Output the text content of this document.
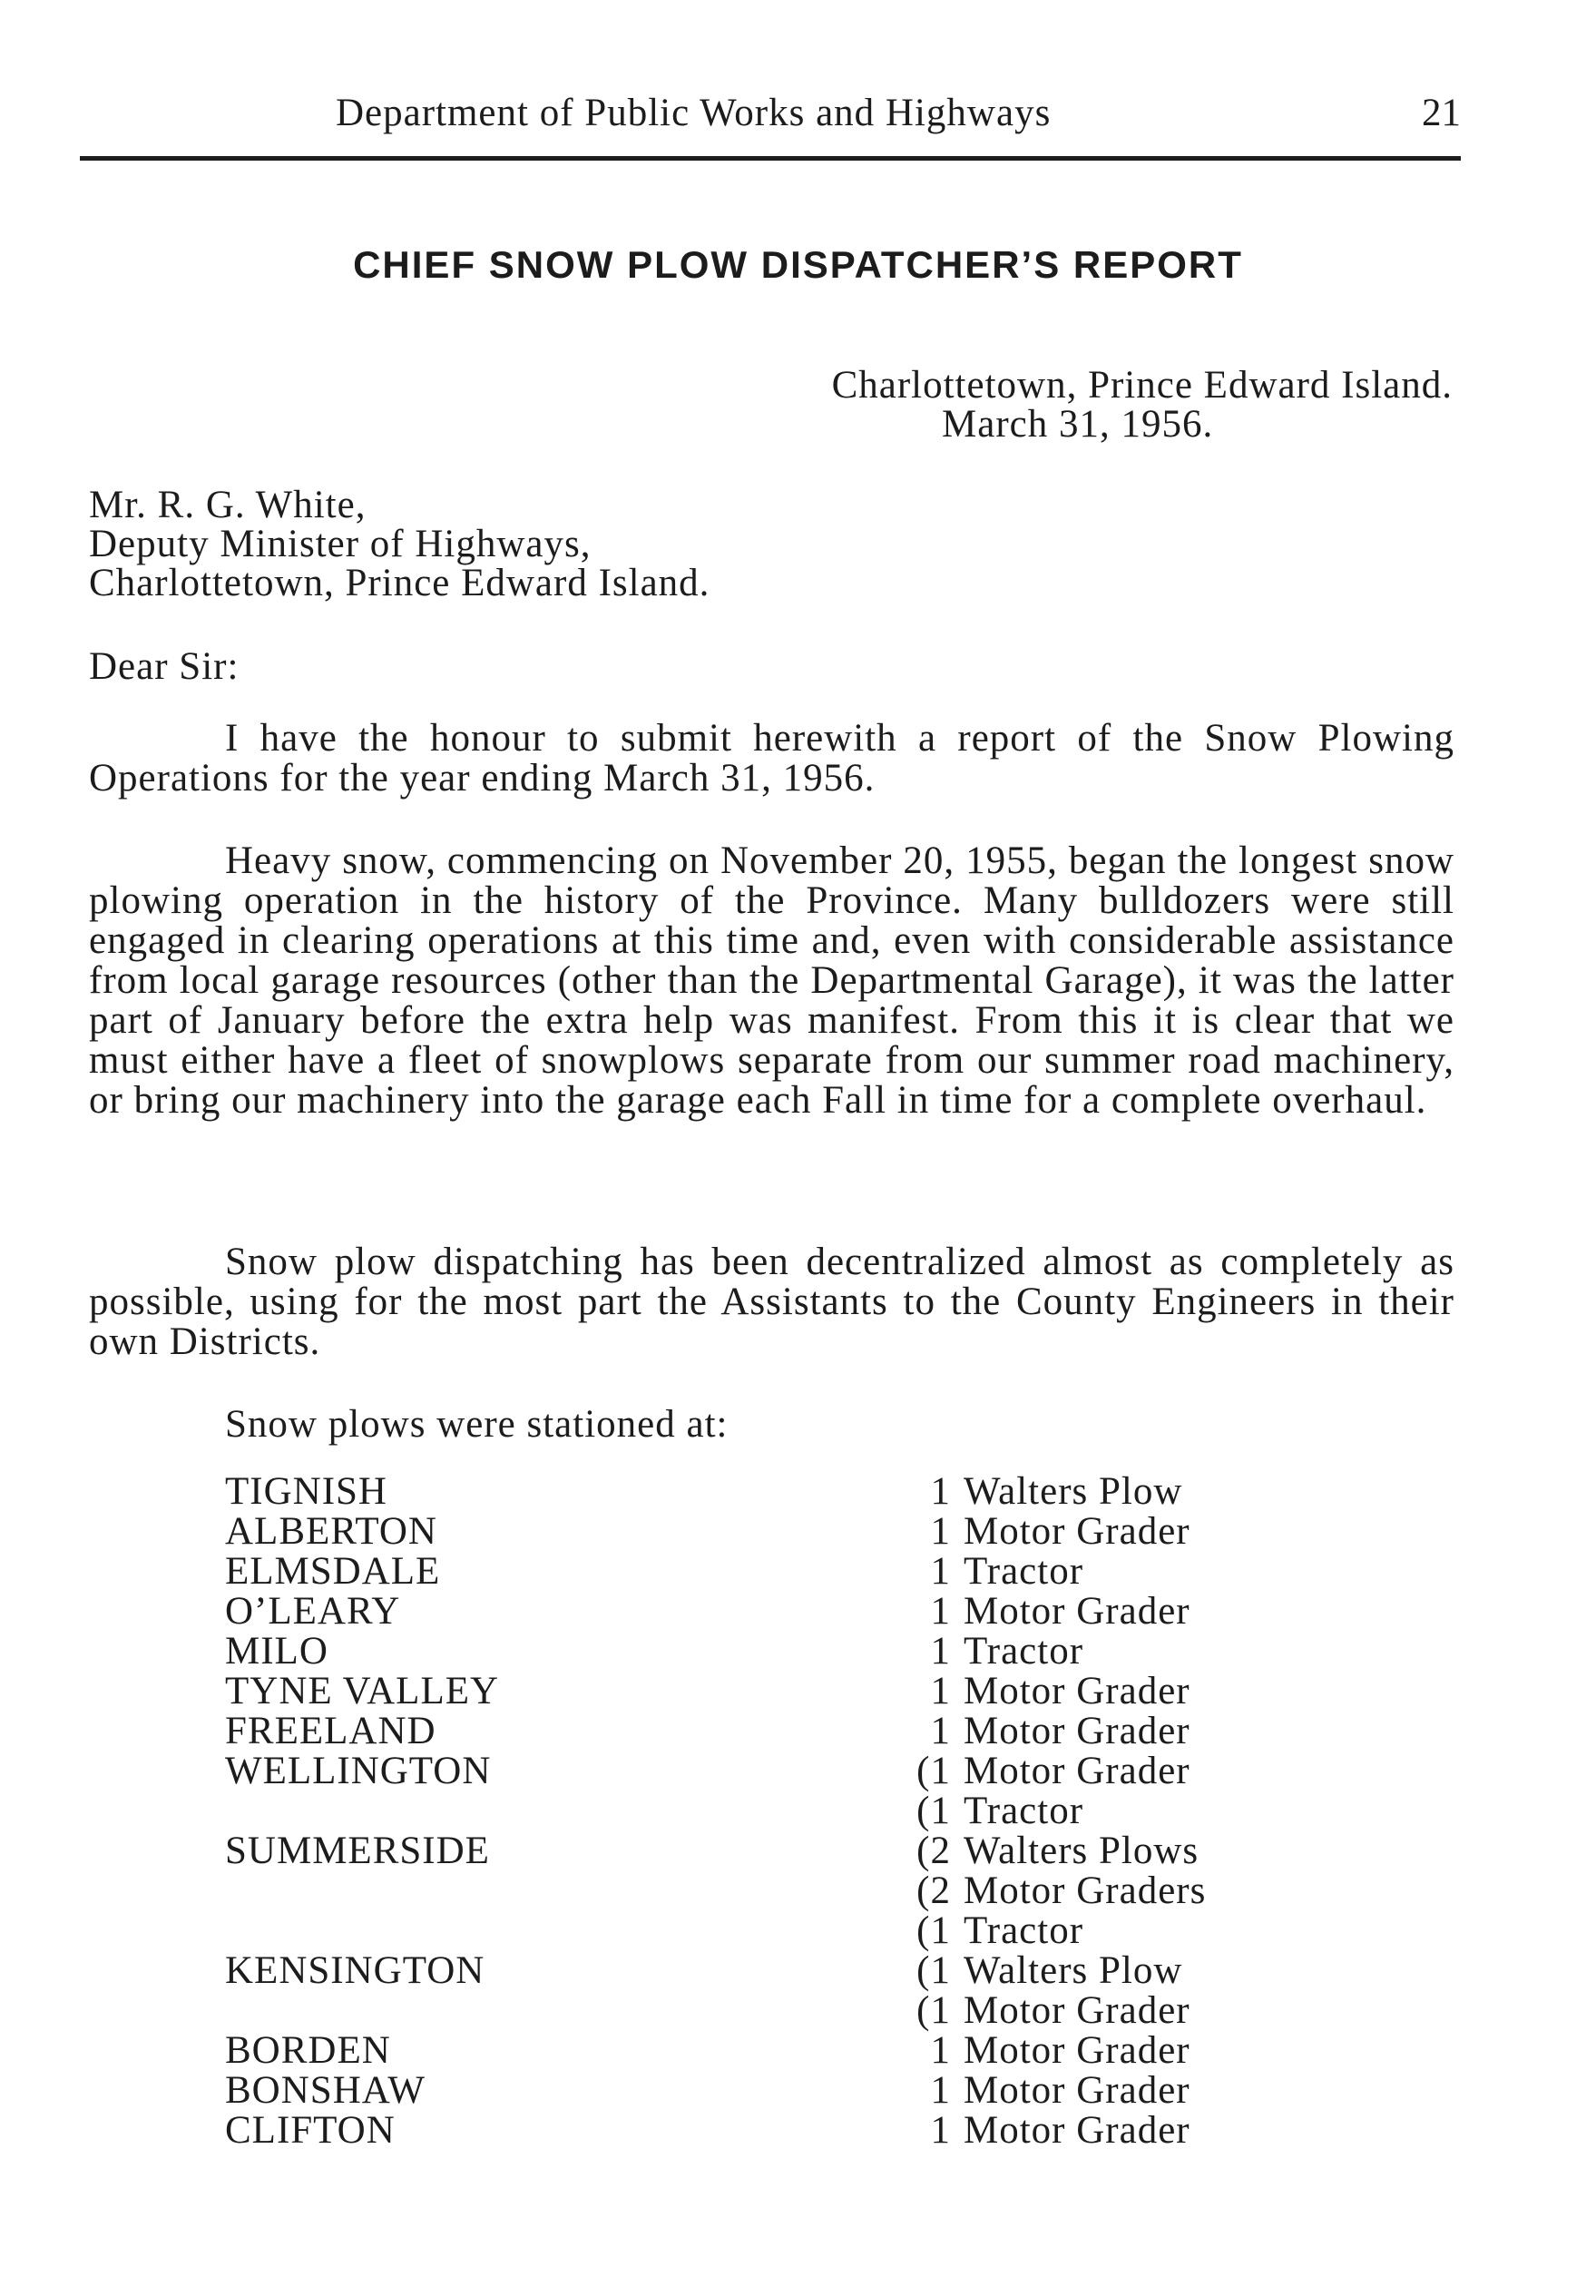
Department of Public Works and Highways	21
CHIEF SNOW PLOW DISPATCHER’S REPORT
Charlottetown, Prince Edward Island.
March 31, 1956.
Mr. R. G. White,
Deputy Minister of Highways,
Charlottetown, Prince Edward Island.
Dear Sir:

I have the honour to submit herewith a report of the Snow Plowing Operations for the year ending March 31, 1956.

Heavy snow, commencing on November 20, 1955, began the longest snow plowing operation in the history of the Province. Many bulldozers were still engaged in clearing operations at this time and, even with considerable assistance from local garage resources (other than the Departmental Garage), it was the latter part of January before the extra help was manifest. From this it is clear that we must either have a fleet of snowplows separate from our summer road machinery, or bring our machinery into the garage each Fall in time for a complete overhaul.

Snow plow dispatching has been decentralized almost as completely as possible, using for the most part the Assistants to the County Engineers in their own Districts.

Snow plows were stationed at:
TIGNISH	1	Walters Plow
ALBERTON	1	Motor Grader
ELMSDALE	1	Tractor
O’LEARY	1	Motor Grader
MILO	1	Tractor
TYNE VALLEY	1	Motor Grader
FREELAND	1	Motor Grader
WELLINGTON	(1	Motor Grader
	(1	Tractor
SUMMERSIDE	(2	Walters Plows
	(2	Motor Graders
	(1	Tractor
KENSINGTON	(1	Walters Plow
	(1	Motor Grader
BORDEN	1	Motor Grader
BONSHAW	1	Motor Grader
CLIFTON	1	Motor Grader
